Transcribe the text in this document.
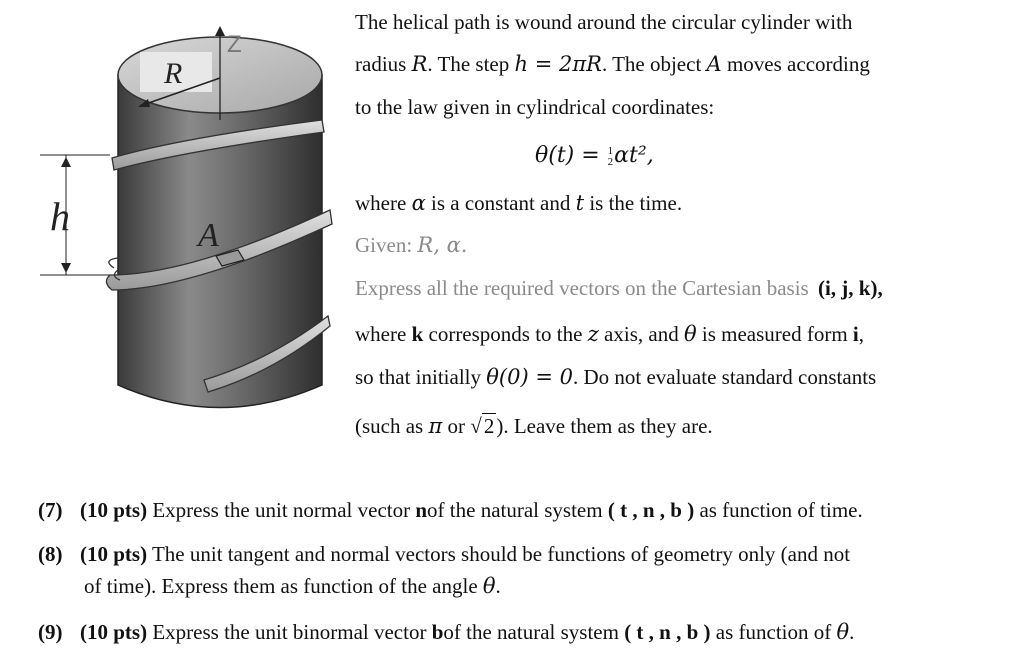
R
Z
h	A
The helical path is wound around the circular cylinder with
radius R. The step h = 2πR. The object A moves according
to the law given in cylindrical coordinates:
θ(t) = 1
2 αt²,
where α is a constant and t is the time.
Given: R, α.
Express all the required vectors on the Cartesian basis (i, j, k),
where k corresponds to the z axis, and θ is measured form i,
so that initially θ(0) = 0. Do not evaluate standard constants
(such as π or √2). Leave them as they are.
(7) (10 pts) Express the unit normal vector nof the natural system ( t , n , b ) as function of time.
(8) (10 pts) The unit tangent and normal vectors should be functions of geometry only (and not
of time). Express them as function of the angle θ.
(9) (10 pts) Express the unit binormal vector bof the natural system ( t , n , b ) as function of θ.
